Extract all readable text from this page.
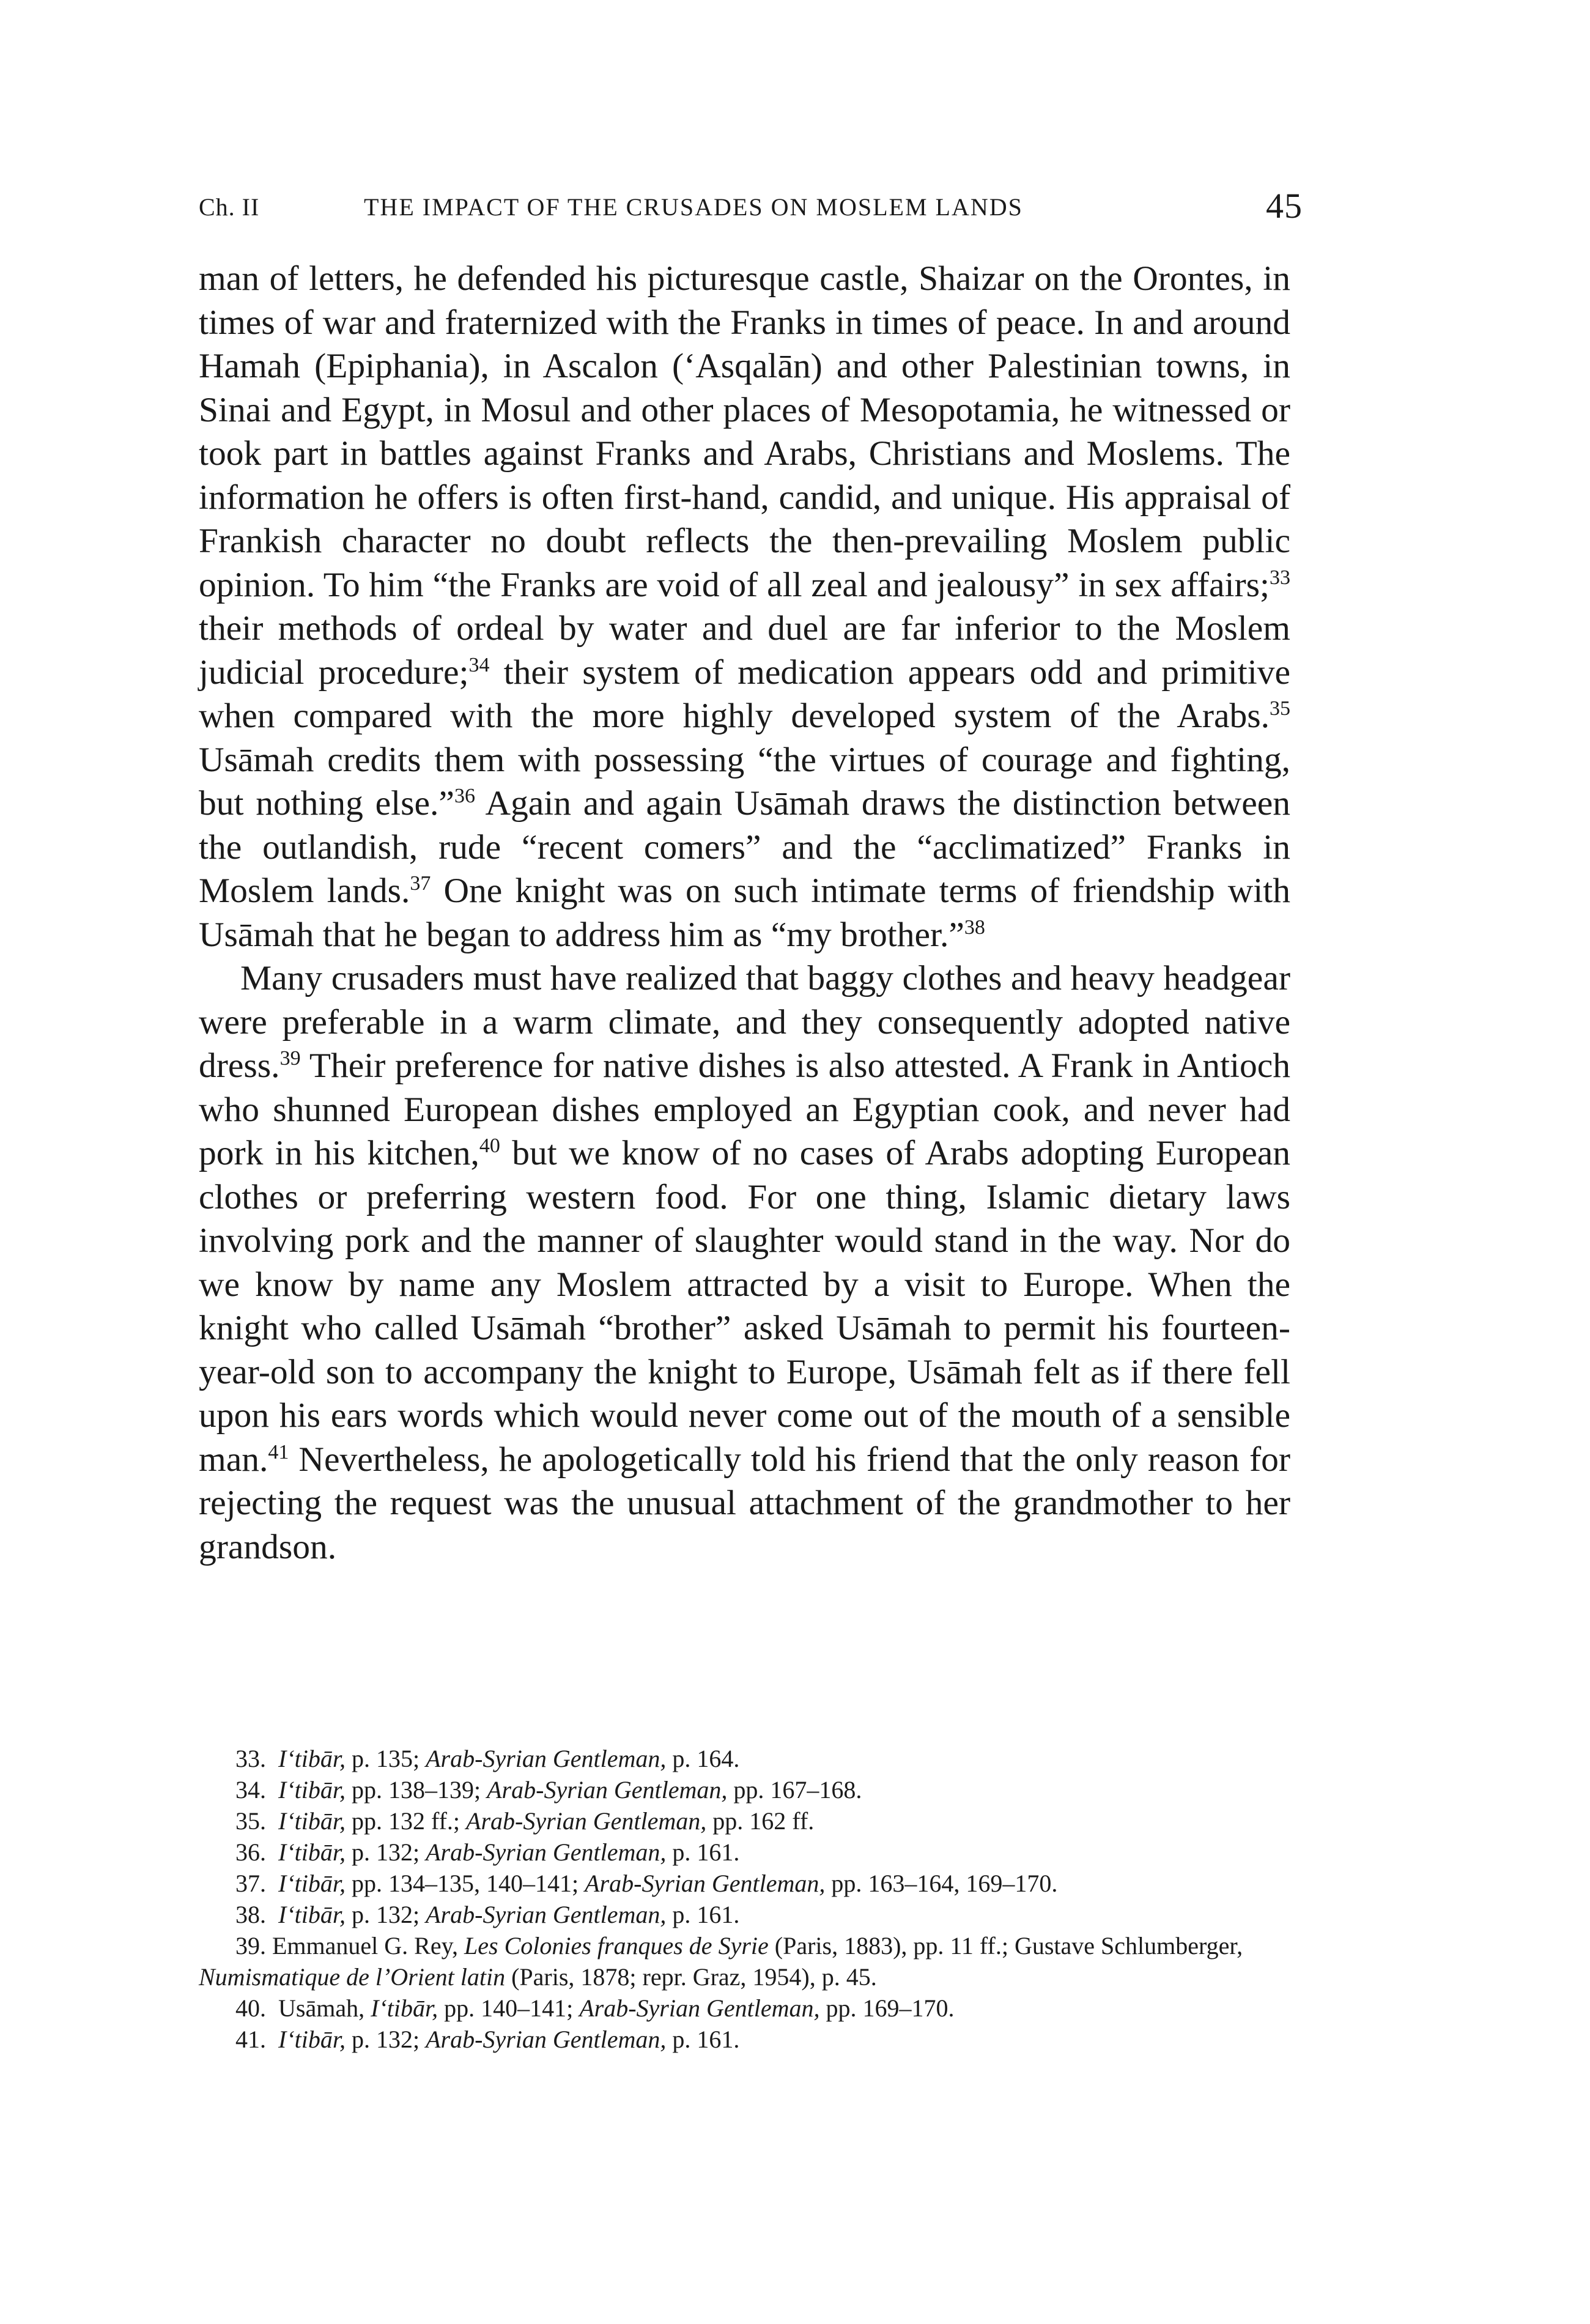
Ch. II	THE IMPACT OF THE CRUSADES ON MOSLEM LANDS	45

man of letters, he defended his picturesque castle, Shaizar on the Orontes, in times of war and fraternized with the Franks in times of peace. In and around Hamah (Epiphania), in Ascalon (‘Asqalān) and other Palestinian towns, in Sinai and Egypt, in Mosul and other places of Mesopotamia, he witnessed or took part in battles against Franks and Arabs, Christians and Moslems. The information he offers is often first-hand, candid, and unique. His appraisal of Frankish character no doubt reflects the then-prevailing Moslem public opinion. To him “the Franks are void of all zeal and jealousy” in sex affairs;$^{33}$ their methods of ordeal by water and duel are far inferior to the Moslem judicial procedure;$^{34}$ their system of medication appears odd and primitive when compared with the more highly developed system of the Arabs.$^{35}$ Usāmah credits them with possessing “the virtues of courage and fighting, but nothing else.”$^{36}$ Again and again Usāmah draws the distinction between the outlandish, rude “recent comers” and the “acclimatized” Franks in Moslem lands.$^{37}$ One knight was on such intimate terms of friendship with Usāmah that he began to address him as “my brother.”$^{38}$

Many crusaders must have realized that baggy clothes and heavy headgear were preferable in a warm climate, and they consequently adopted native dress.$^{39}$ Their preference for native dishes is also attested. A Frank in Antioch who shunned European dishes employed an Egyptian cook, and never had pork in his kitchen,$^{40}$ but we know of no cases of Arabs adopting European clothes or preferring western food. For one thing, Islamic dietary laws involving pork and the manner of slaughter would stand in the way. Nor do we know by name any Moslem attracted by a visit to Europe. When the knight who called Usāmah “brother” asked Usāmah to permit his fourteen-year-old son to accompany the knight to Europe, Usāmah felt as if there fell upon his ears words which would never come out of the mouth of a sensible man.$^{41}$ Nevertheless, he apologetically told his friend that the only reason for rejecting the request was the unusual attachment of the grandmother to her grandson.

33. I‘tibār, p. 135; Arab-Syrian Gentleman, p. 164.
34. I‘tibār, pp. 138–139; Arab-Syrian Gentleman, pp. 167–168.
35. I‘tibār, pp. 132 ff.; Arab-Syrian Gentleman, pp. 162 ff.
36. I‘tibār, p. 132; Arab-Syrian Gentleman, p. 161.
37. I‘tibār, pp. 134–135, 140–141; Arab-Syrian Gentleman, pp. 163–164, 169–170.
38. I‘tibār, p. 132; Arab-Syrian Gentleman, p. 161.
39. Emmanuel G. Rey, Les Colonies franques de Syrie (Paris, 1883), pp. 11 ff.; Gustave Schlumberger, Numismatique de l’Orient latin (Paris, 1878; repr. Graz, 1954), p. 45.
40. Usāmah, I‘tibār, pp. 140–141; Arab-Syrian Gentleman, pp. 169–170.
41. I‘tibār, p. 132; Arab-Syrian Gentleman, p. 161.
